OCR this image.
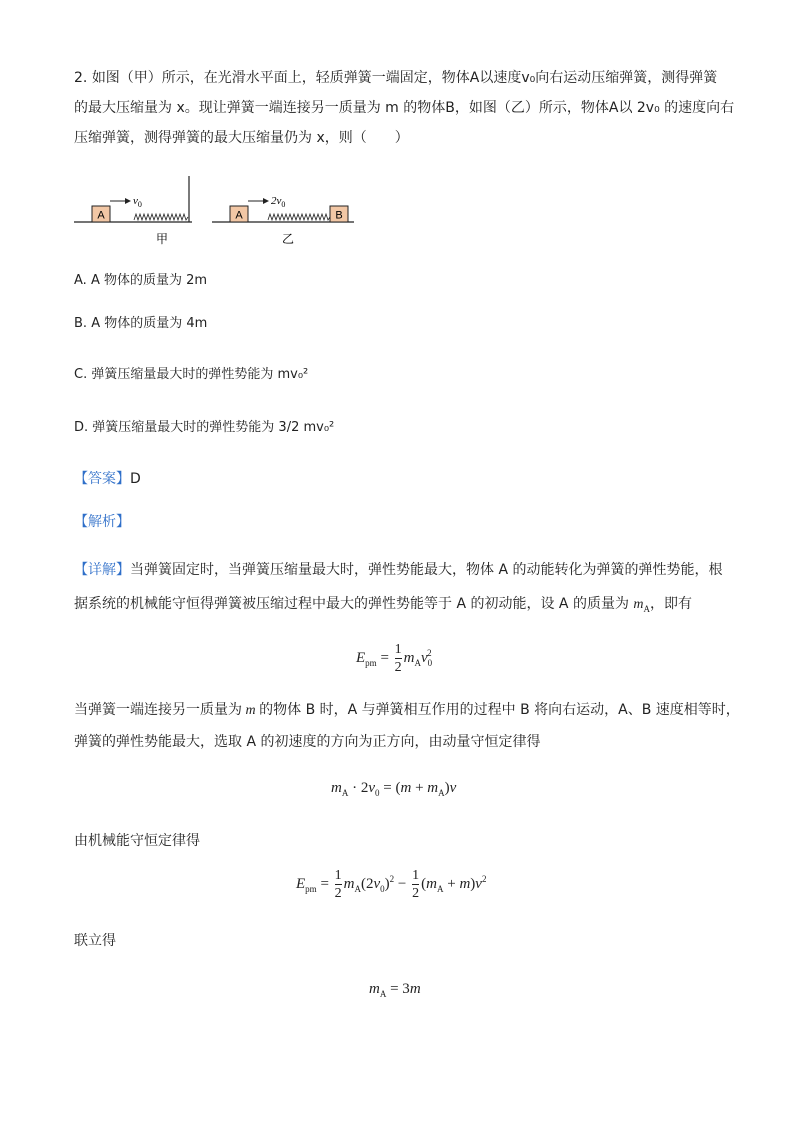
2. 如图（甲）所示，在光滑水平面上，轻质弹簧一端固定，物体A以速度v₀向右运动压缩弹簧，测得弹簧
的最大压缩量为 x。现让弹簧一端连接另一质量为 m 的物体B，如图（乙）所示，物体A以 2v₀ 的速度向右
压缩弹簧，测得弹簧的最大压缩量仍为 x，则（　　）
A
$v_0$
甲
A	B
$2v_0$
乙
A. A 物体的质量为 2m
B. A 物体的质量为 4m
C. 弹簧压缩量最大时的弹性势能为 mv₀²
D. 弹簧压缩量最大时的弹性势能为 3/2 mv₀²
【答案】D
【解析】
【详解】当弹簧固定时，当弹簧压缩量最大时，弹性势能最大，物体 A 的动能转化为弹簧的弹性势能，根
据系统的机械能守恒得弹簧被压缩过程中最大的弹性势能等于 A 的初动能，设 A 的质量为 $m_A$，即有
$E_{pm} = \frac{1}{2} m_Av_0^2$
当弹簧一端连接另一质量为 m 的物体 B 时，A 与弹簧相互作用的过程中 B 将向右运动，A、B 速度相等时，
弹簧的弹性势能最大，选取 A 的初速度的方向为正方向，由动量守恒定律得
$m_A \cdot 2v_0 = (m + m_A)v$
由机械能守恒定律得
$E_{pm} = \frac{1}{2} m_A(2v_0)^2 - \frac{1}{2} (m_A + m)v^2$
联立得
$m_A = 3m$
